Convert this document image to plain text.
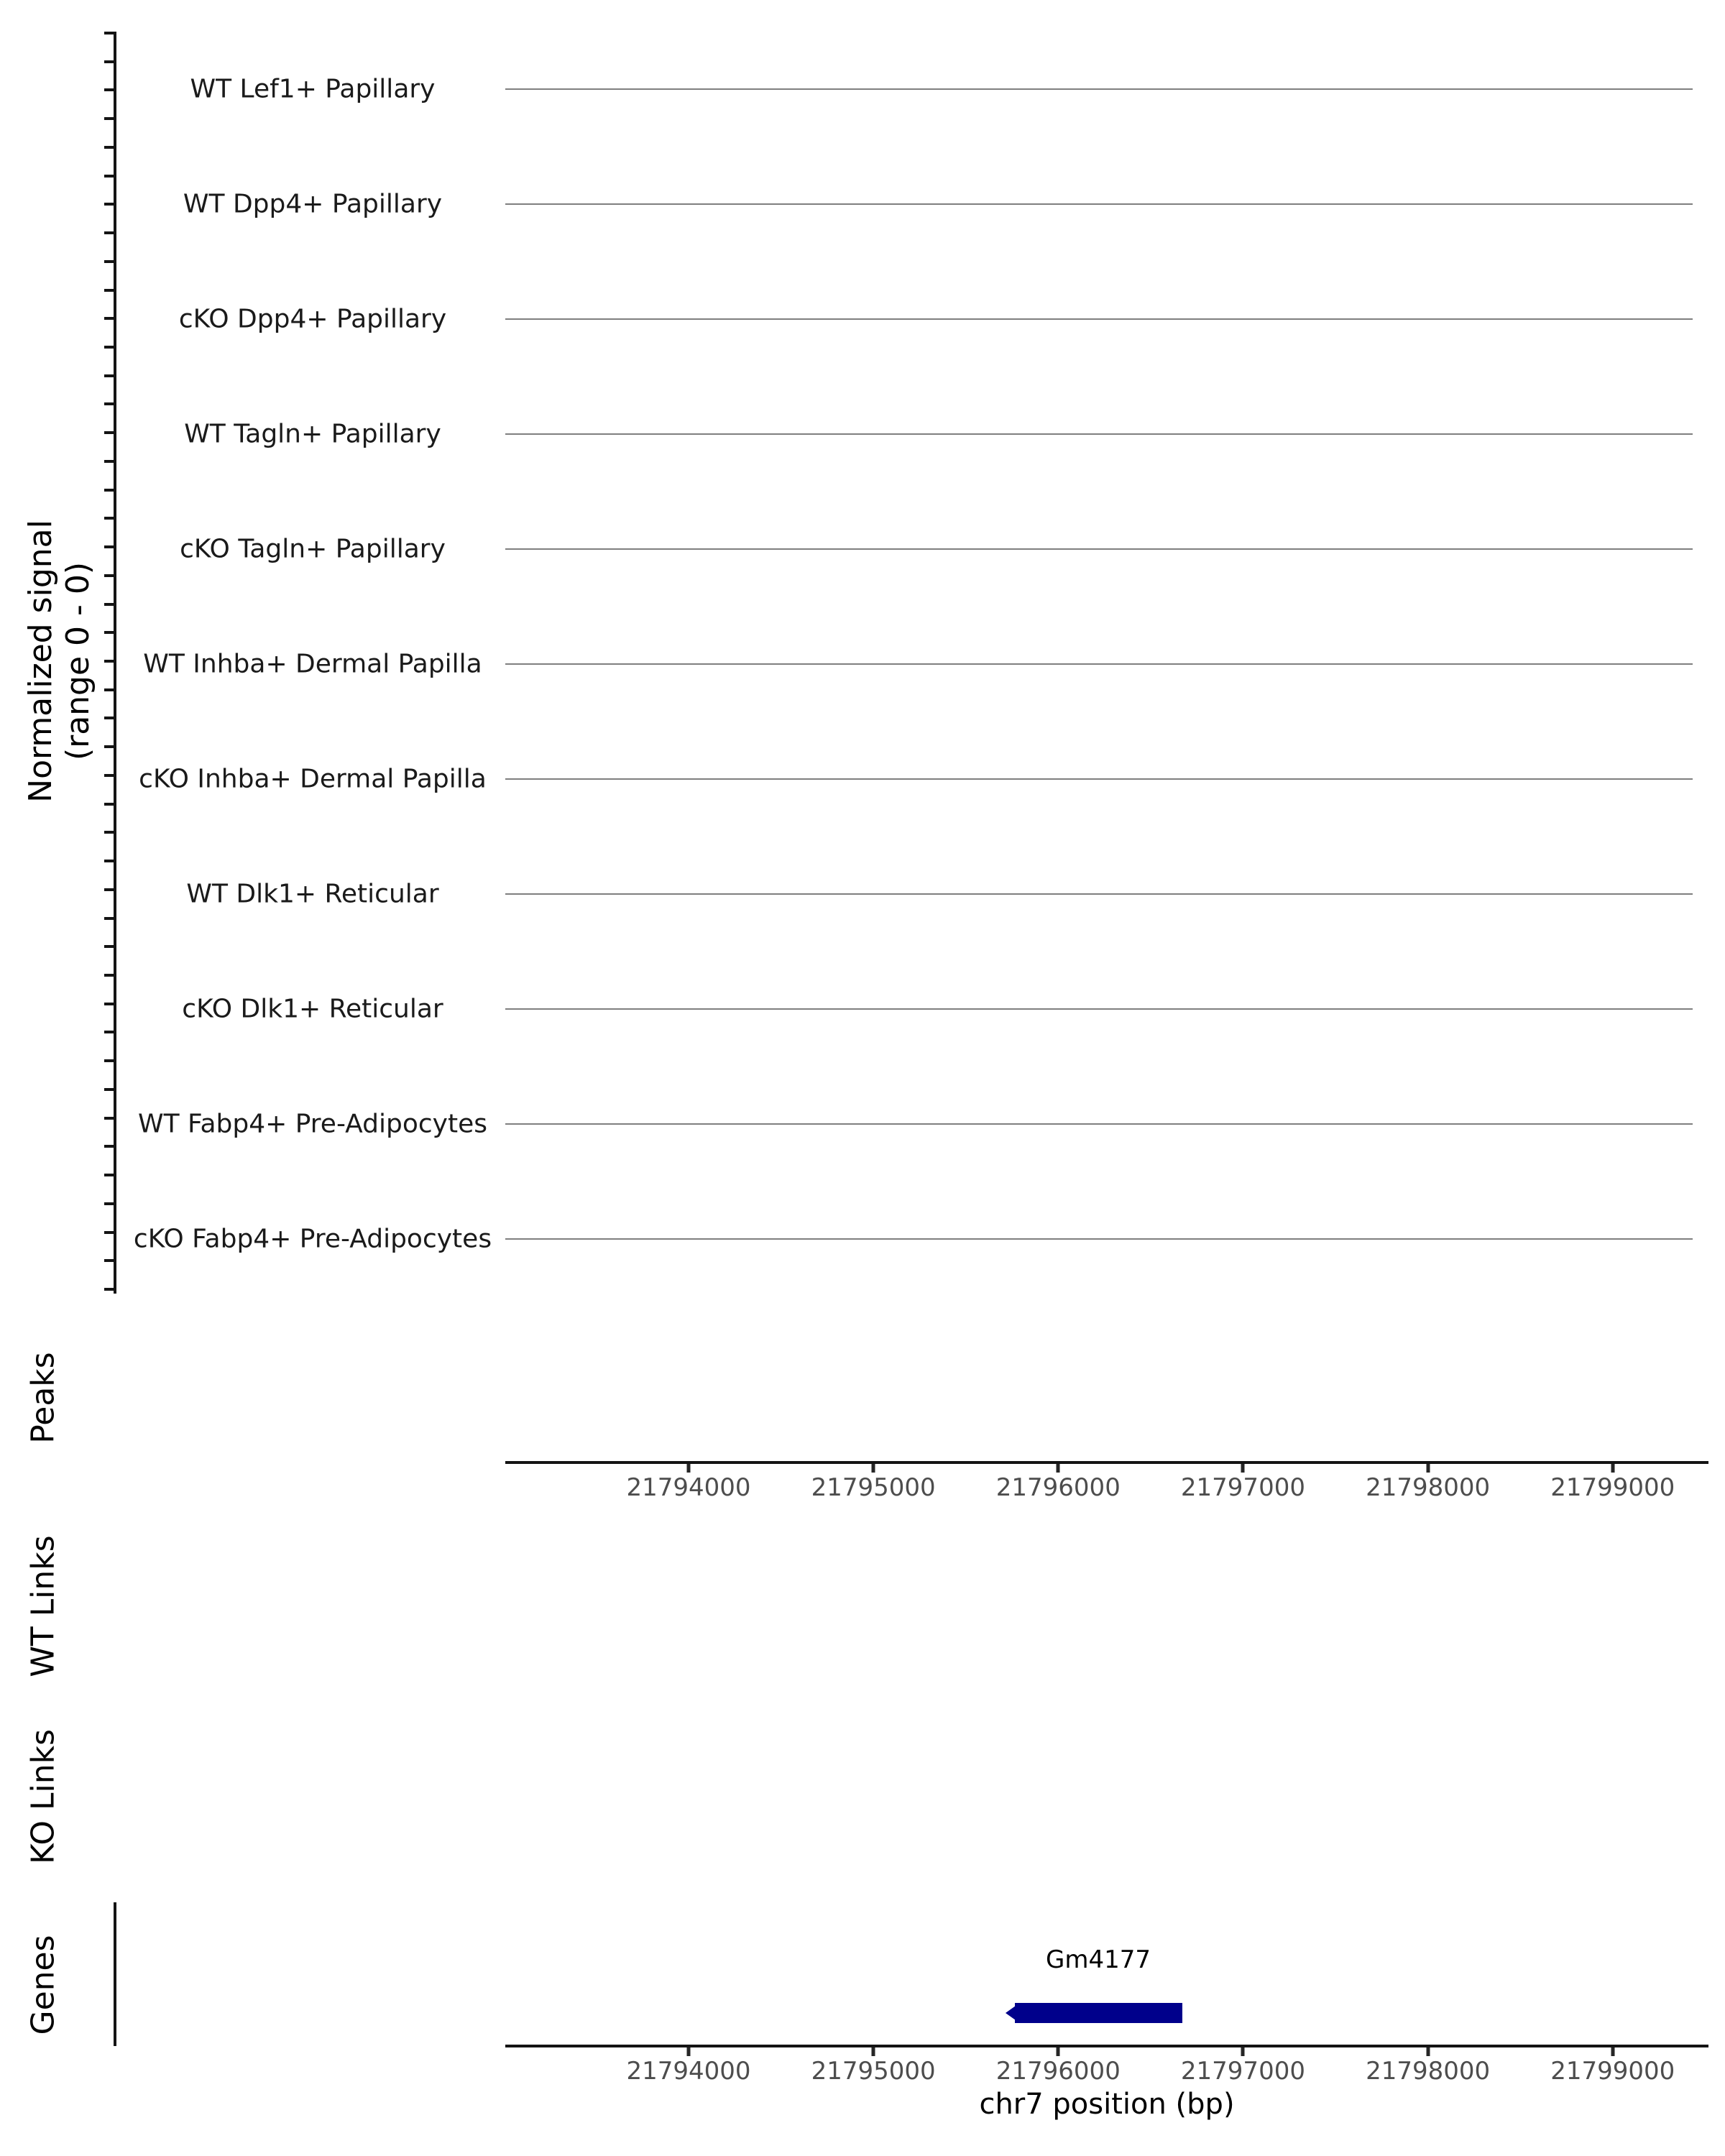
Normalized signal (range 0 - 0)
WT Lef1+ Papillary
WT Dpp4+ Papillary
cKO Dpp4+ Papillary
WT Tagln+ Papillary
cKO Tagln+ Papillary
WT Inhba+ Dermal Papilla
cKO Inhba+ Dermal Papilla
WT Dlk1+ Reticular
cKO Dlk1+ Reticular
WT Fabp4+ Pre-Adipocytes
cKO Fabp4+ Pre-Adipocytes
Peaks
WT Links
KO Links
Genes
21794000 21795000 21796000 21797000 21798000 21799000
Gm4177
21794000 21795000 21796000 21797000 21798000 21799000
chr7 position (bp)
